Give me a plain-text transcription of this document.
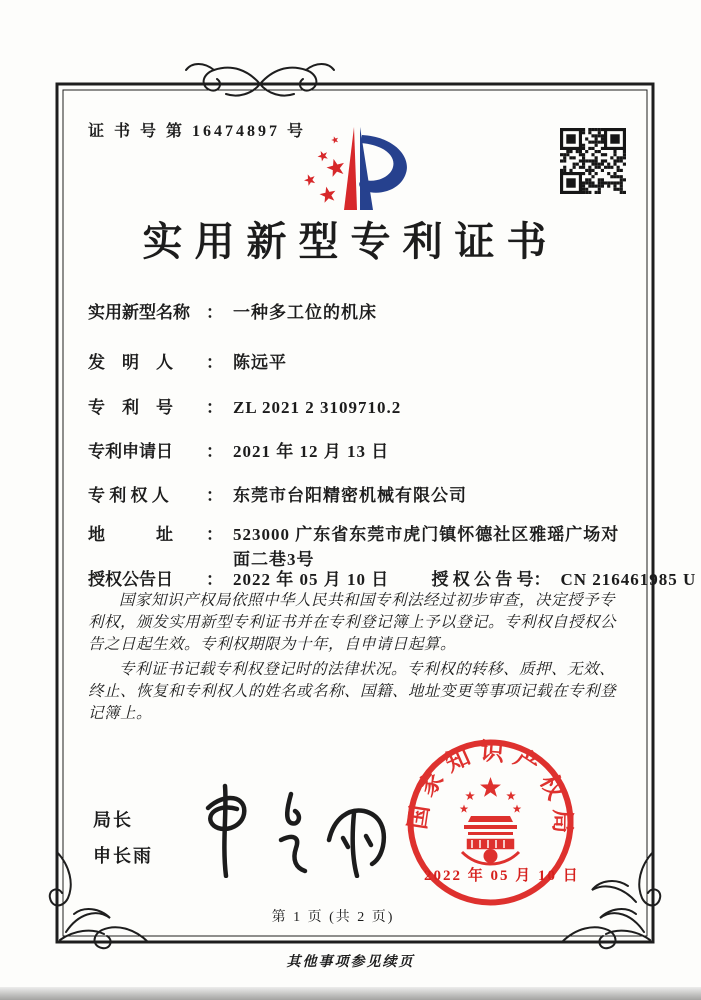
证 书 号 第 16474897 号
实用新型专利证书
实用新型名称 ： 一种多工位的机床
发　明　人 ： 陈远平
专　利　号 ： ZL 2021 2 3109710.2
专利申请日 ： 2021 年 12 月 13 日
专 利 权 人 ： 东莞市台阳精密机械有限公司
地　　　址 ： 523000 广东省东莞市虎门镇怀德社区雅瑶广场对面二巷3号
授权公告日 ： 2022 年 05 月 10 日 授 权 公 告 号： CN 216461985 U

国家知识产权局依照中华人民共和国专利法经过初步审查，决定授予专利权，颁发实用新型专利证书并在专利登记簿上予以登记。专利权自授权公告之日起生效。专利权期限为十年，自申请日起算。

专利证书记载专利权登记时的法律状况。专利权的转移、质押、无效、终止、恢复和专利权人的姓名或名称、国籍、地址变更等事项记载在专利登记簿上。

局长
申长雨
国家知识产权局
2022 年 05 月 10 日
第 1 页 (共 2 页)
其他事项参见续页
